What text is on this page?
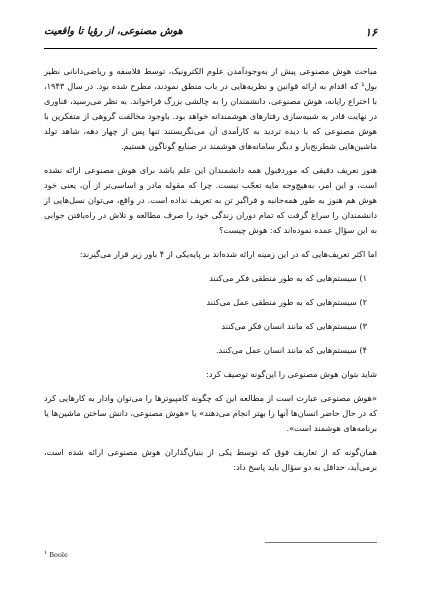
۱۶
هوش مصنوعی، از رؤیا تا واقعیت

مباحث هوش مصنوعی پیش از به‌وجودآمدن علوم الکترونیک، توسط فلاسفه و ریاضی‌دانانی نظیر بول¹ که اقدام به ارائه قوانین و نظریه‌هایی در باب منطق نمودند، مطرح شده بود. در سال ۱۹۴۳، با اختراع رایانه، هوش مصنوعی، دانشمندان را به چالشی بزرگ فراخواند. به نظر می‌رسید، فناوری در نهایت قادر به شبیه‌سازی رفتارهای هوشمندانه خواهد بود. باوجود مخالفت گروهی از متفکرین با هوش مصنوعی که با دیده تردید به کارآمدی آن می‌نگریستند تنها پس از چهار دهه، شاهد تولد ماشین‌هایی شطرنج‌باز و دیگر سامانه‌های هوشمند در صنایع گوناگون هستیم.

هنوز تعریف دقیقی که موردقبول همه دانشمندان این علم باشد برای هوش مصنوعی ارائه نشده است، و این امر، به‌هیچ‌وجه مایه تعجّب نیست. چرا که مقوله مادر و اساسی‌تر از آن، یعنی خود هوش هم هنوز به طور همه‌جانبه و فراگیر تن به تعریف نداده است. در واقع، می‌توان نسل‌هایی از دانشمندان را سراغ گرفت که تمام دوران زندگی خود را صرف مطالعه و تلاش در راه‌یافتن جوابی به این سؤال عمده نموده‌اند که: هوش چیست؟

اما اکثر تعریف‌هایی که در این زمینه ارائه شده‌اند بر پایه‌یکی از ۴ باور زیر قرار می‌گیرند:

۱) سیستم‌هایی که به طور منطقی فکر می‌کنند

۲) سیستم‌هایی که به طور منطقی عمل می‌کنند

۳) سیستم‌هایی که مانند انسان فکر می‌کنند

۴) سیستم‌هایی که مانند انسان عمل می‌کنند.

شاید بتوان هوش مصنوعی را این‌گونه توصیف کرد:

«هوش مصنوعی عبارت است از مطالعه این که چگونه کامپیوترها را می‌توان وادار به کارهایی کرد که در حال حاضر انسان‌ها آنها را بهتر انجام می‌دهند» یا «هوش مصنوعی، دانش ساختن ماشین‌ها یا برنامه‌های هوشمند است».

همان‌گونه که از تعاریف فوق که توسط یکی از بنیان‌گذاران هوش مصنوعی ارائه شده است، برمی‌آید، حداقل به دو سؤال باید پاسخ داد:

$^1$ Boole
